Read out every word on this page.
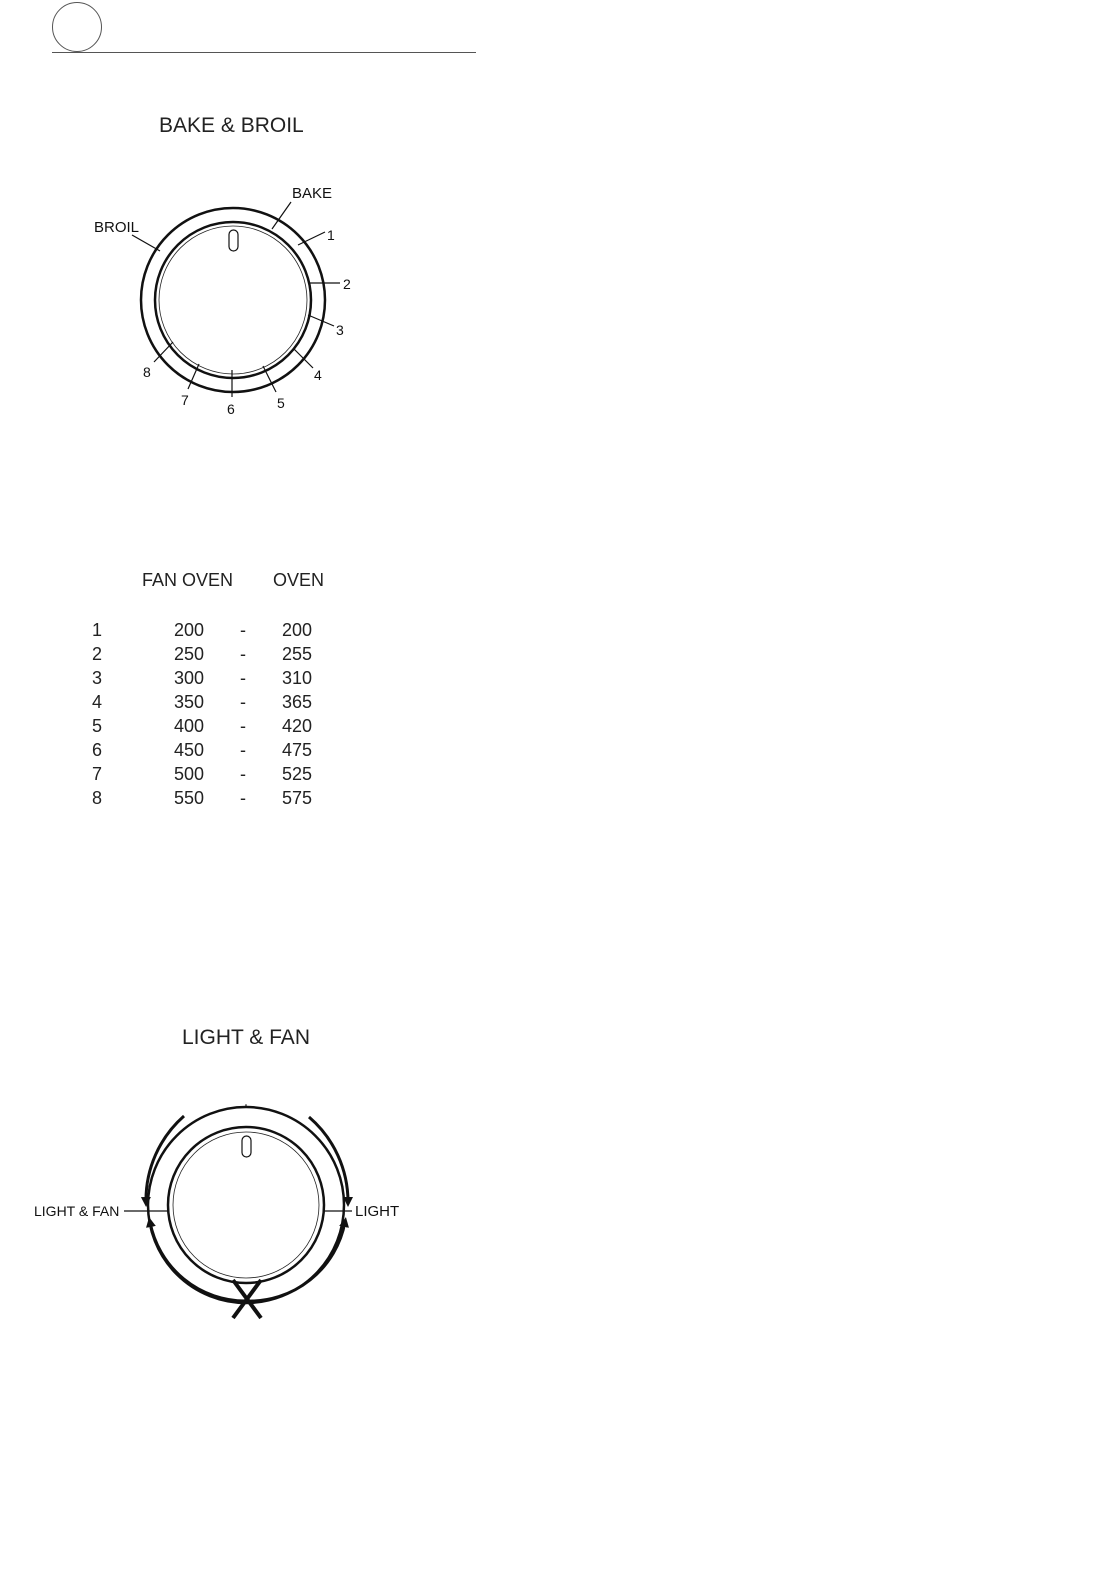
BAKE & BROIL
BAKE
BROIL	1
2
3
4
5
6
7
8
FAN OVEN OVEN
1	200 - 200
2	250 - 255
3	300 - 310
4	350 - 365
5	400 - 420
6	450 - 475
7	500 - 525
8	550 - 575
LIGHT & FAN
LIGHT & FAN	LIGHT
